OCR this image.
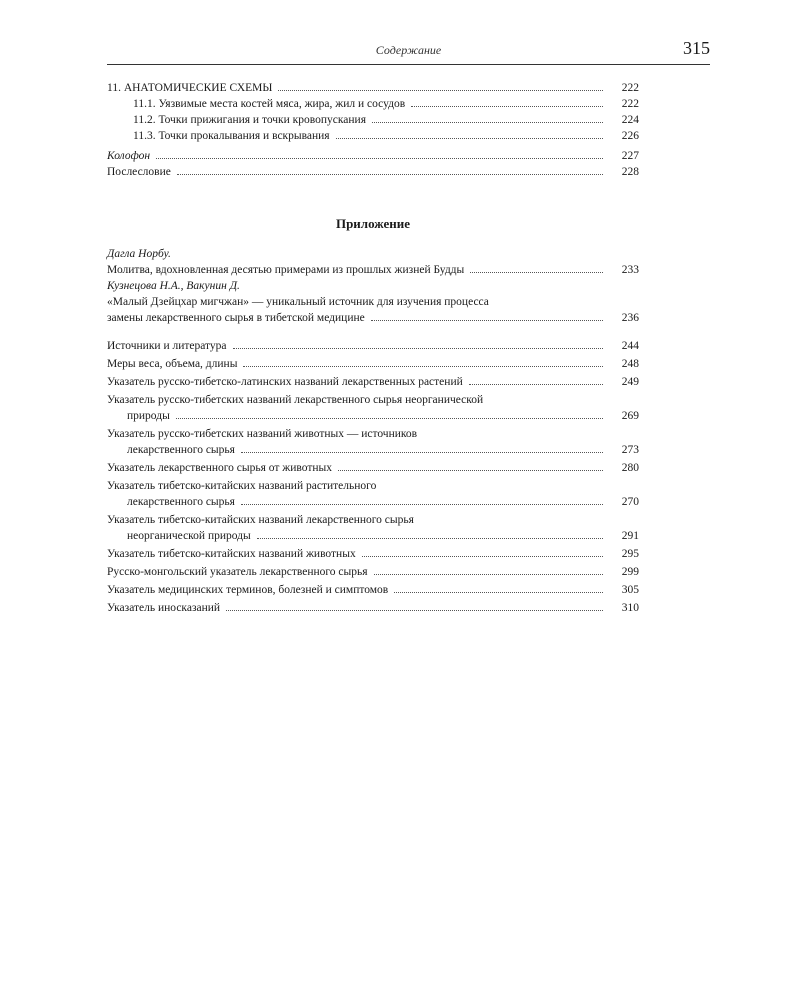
Содержание	315
11. АНАТОМИЧЕСКИЕ СХЕМЫ	222
11.1. Уязвимые места костей мяса, жира, жил и сосудов	222
11.2. Точки прижигания и точки кровопускания	224
11.3. Точки прокалывания и вскрывания	226
Колофон	227
Послесловие	228
Приложение
Дагла Норбу.
Молитва, вдохновленная десятью примерами из прошлых жизней Будды	233
Кузнецова Н.А., Вакунин Д.
«Малый Дзейцхар мигчжан» — уникальный источник для изучения процесса
замены лекарственного сырья в тибетской медицине	236
Источники и литература	244
Меры веса, объема, длины	248
Указатель русско-тибетско-латинских названий лекарственных растений	249
Указатель русско-тибетских названий лекарственного сырья неорганической
природы	269
Указатель русско-тибетских названий животных — источников
лекарственного сырья	273
Указатель лекарственного сырья от животных	280
Указатель тибетско-китайских названий растительного
лекарственного сырья	270
Указатель тибетско-китайских названий лекарственного сырья
неорганической природы	291
Указатель тибетско-китайских названий животных	295
Русско-монгольский указатель лекарственного сырья	299
Указатель медицинских терминов, болезней и симптомов	305
Указатель иносказаний	310
